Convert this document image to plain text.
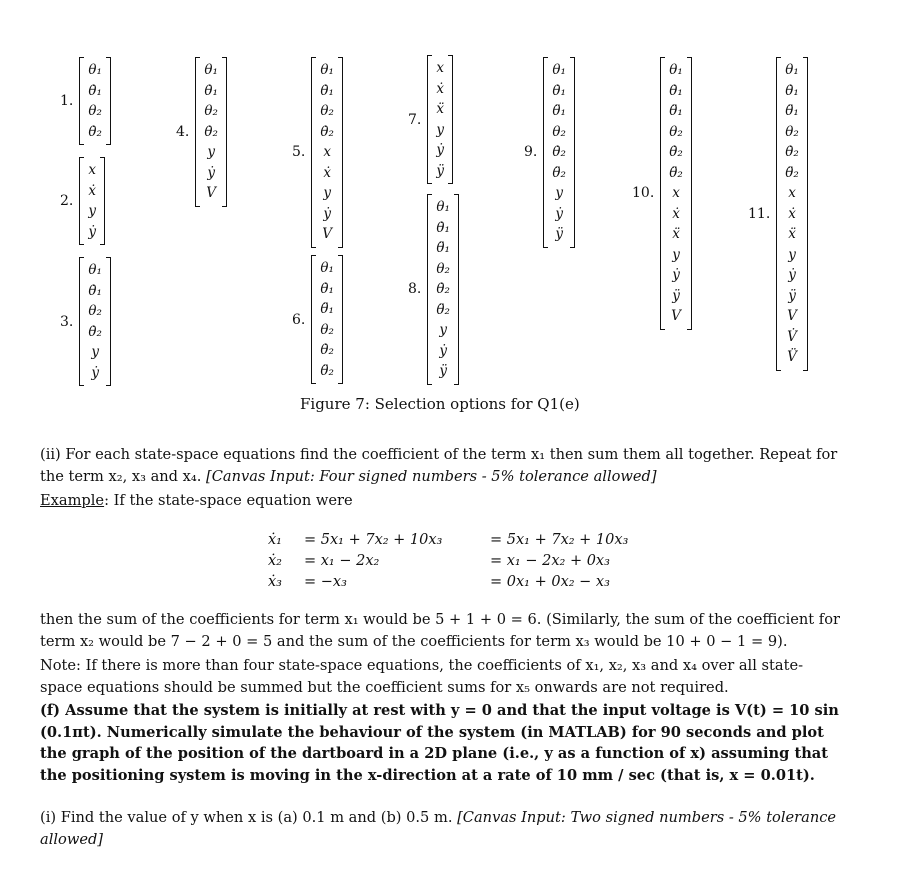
1.
θ₁
θ̇₁
θ₂
θ̇₂
2.
x
ẋ
y
ẏ
3.
θ₁
θ̇₁
θ₂
θ̇₂
y
ẏ
4.
θ₁
θ̇₁
θ₂
θ̇₂
y
ẏ
V
5.
θ₁
θ̇₁
θ₂
θ̇₂
x
ẋ
y
ẏ
V
6.
θ₁
θ̇₁
θ̈₁
θ₂
θ̇₂
θ̈₂
7.
x
ẋ
ẍ
y
ẏ
ÿ
8.
θ₁
θ̇₁
θ̈₁
θ₂
θ̇₂
θ̈₂
y
ẏ
ÿ
9.
θ₁
θ̇₁
θ̈₁
θ₂
θ̇₂
θ̈₂
y
ẏ
ÿ
10.
θ₁
θ̇₁
θ̈₁
θ₂
θ̇₂
θ̈₂
x
ẋ
ẍ
y
ẏ
ÿ
V
11.
θ₁
θ̇₁
θ̈₁
θ₂
θ̇₂
θ̈₂
x
ẋ
ẍ
y
ẏ
ÿ
V
V̇
V̈
Figure 7: Selection options for Q1(e)
(ii) For each state-space equations find the coefficient of the term x₁ then sum them all together. Repeat for the term x₂, x₃ and x₄. [Canvas Input: Four signed numbers - 5% tolerance allowed]
Example: If the state-space equation were
ẋ₁ = 5x₁ + 7x₂ + 10x₃	= 5x₁ + 7x₂ + 10x₃
ẋ₂ = x₁ − 2x₂	= x₁ − 2x₂ + 0x₃
ẋ₃ = −x₃	= 0x₁ + 0x₂ − x₃
then the sum of the coefficients for term x₁ would be 5 + 1 + 0 = 6. (Similarly, the sum of the coefficient for term x₂ would be 7 − 2 + 0 = 5 and the sum of the coefficients for term x₃ would be 10 + 0 − 1 = 9).
Note: If there is more than four state-space equations, the coefficients of x₁, x₂, x₃ and x₄ over all state-space equations should be summed but the coefficient sums for x₅ onwards are not required.
(f) Assume that the system is initially at rest with y = 0 and that the input voltage is V(t) = 10 sin (0.1πt). Numerically simulate the behaviour of the system (in MATLAB) for 90 seconds and plot the graph of the position of the dartboard in a 2D plane (i.e., y as a function of x) assuming that the positioning system is moving in the x-direction at a rate of 10 mm / sec (that is, x = 0.01t).
(i) Find the value of y when x is (a) 0.1 m and (b) 0.5 m. [Canvas Input: Two signed numbers - 5% tolerance allowed]
